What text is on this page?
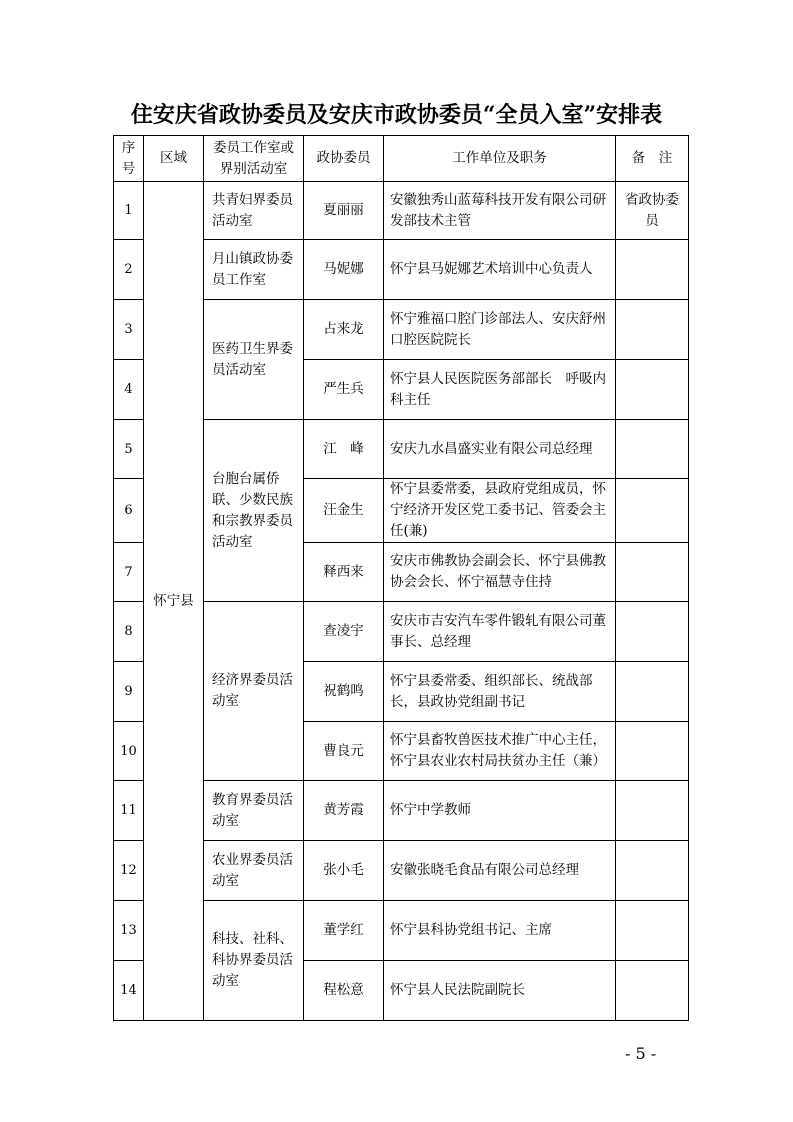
住安庆省政协委员及安庆市政协委员“全员入室”安排表
序号	区域	委员工作室或界别活动室	政协委员	工作单位及职务	备　注
1	怀宁县	共青妇界委员活动室	夏丽丽	安徽独秀山蓝莓科技开发有限公司研发部技术主管	省政协委员
2		月山镇政协委员工作室	马妮娜	怀宁县马妮娜艺术培训中心负责人	
3		医药卫生界委员活动室	占来龙	怀宁雅福口腔门诊部法人、安庆舒州口腔医院院长	
4			严生兵	怀宁县人民医院医务部部长　呼吸内科主任	
5		台胞台属侨联、少数民族和宗教界委员活动室	江　峰	安庆九水昌盛实业有限公司总经理	
6			汪金生	怀宁县委常委，县政府党组成员，怀宁经济开发区党工委书记、管委会主任(兼)	
7			释西来	安庆市佛教协会副会长、怀宁县佛教协会会长、怀宁福慧寺住持	
8		经济界委员活动室	查凌宇	安庆市吉安汽车零件锻轧有限公司董事长、总经理	
9			祝鹤鸣	怀宁县委常委、组织部长、统战部长，县政协党组副书记	
10			曹良元	怀宁县畜牧兽医技术推广中心主任，怀宁县农业农村局扶贫办主任（兼）	
11		教育界委员活动室	黄芳霞	怀宁中学教师	
12		农业界委员活动室	张小毛	安徽张晓毛食品有限公司总经理	
13		科技、社科、科协界委员活动室	董学红	怀宁县科协党组书记、主席	
14			程松意	怀宁县人民法院副院长	
- 5 -
